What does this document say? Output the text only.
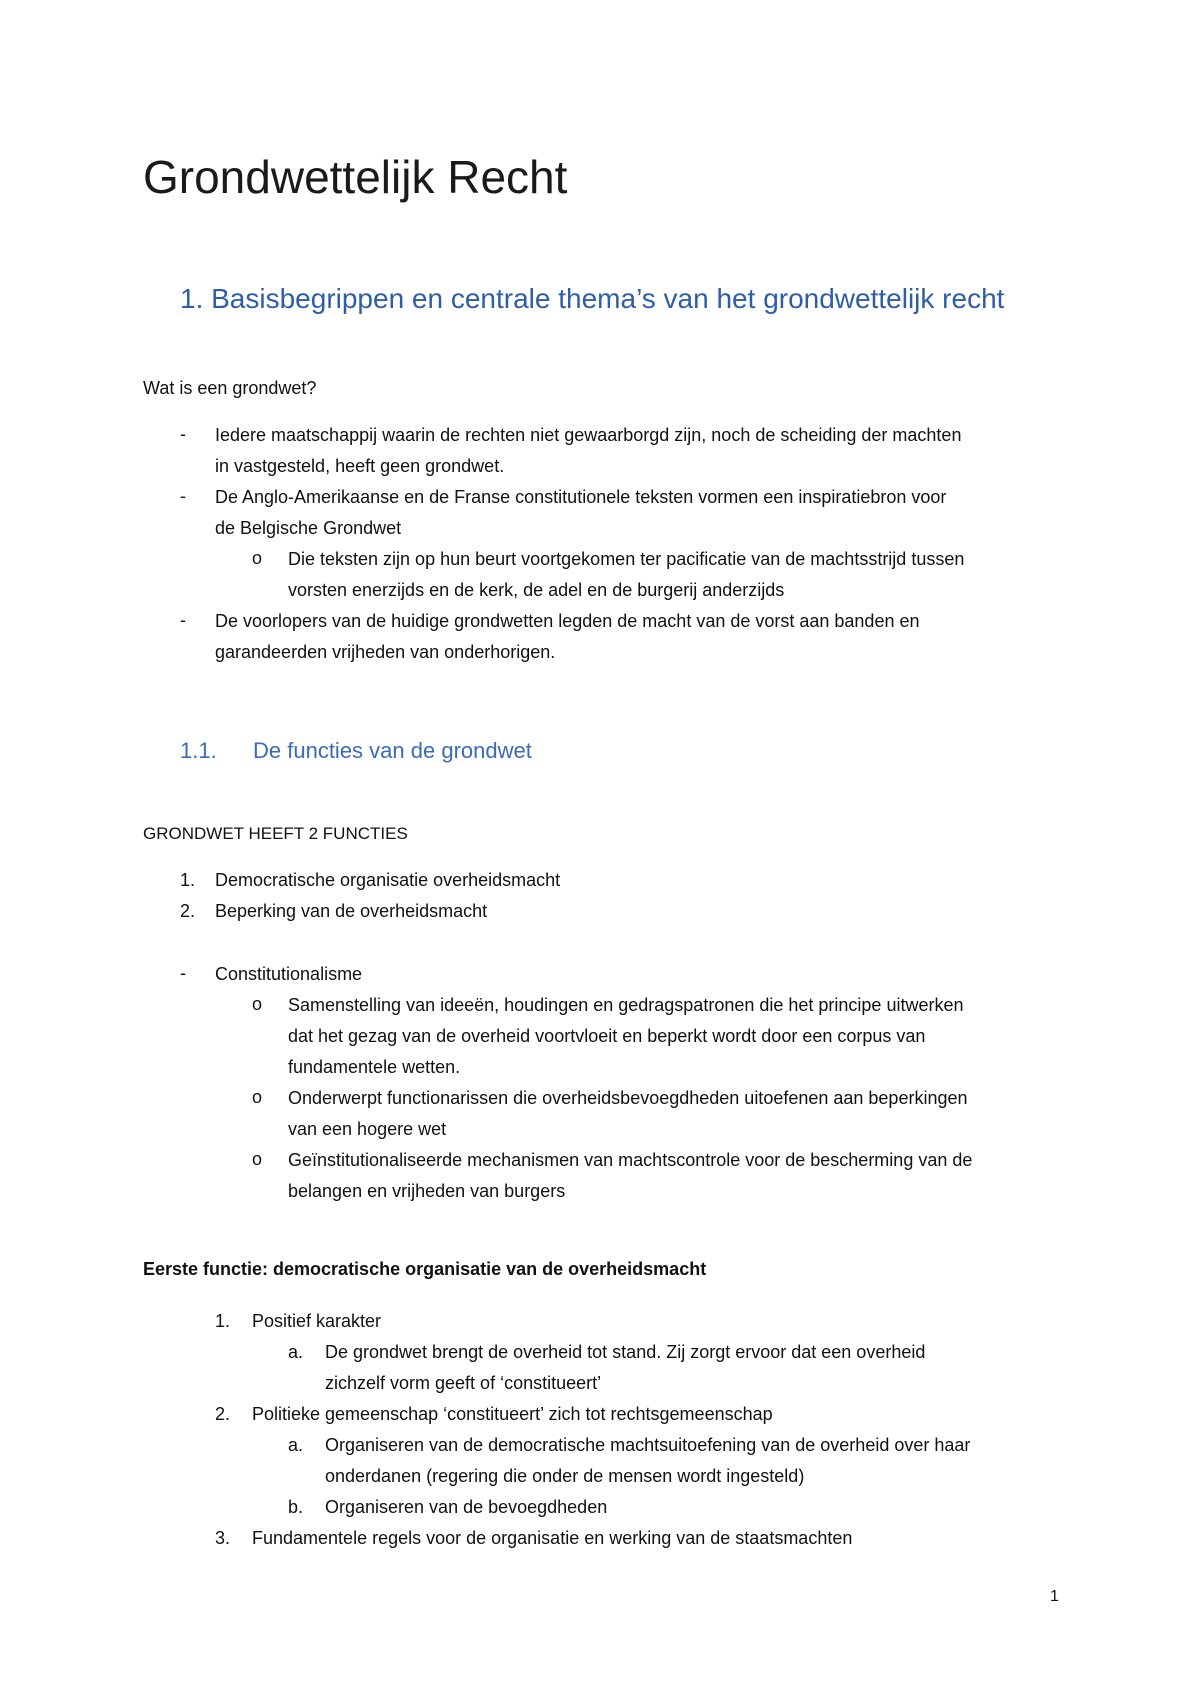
Grondwettelijk Recht
1. Basisbegrippen en centrale thema’s van het grondwettelijk recht
Wat is een grondwet?
- Iedere maatschappij waarin de rechten niet gewaarborgd zijn, noch de scheiding der machten
in vastgesteld, heeft geen grondwet.
- De Anglo-Amerikaanse en de Franse constitutionele teksten vormen een inspiratiebron voor
de Belgische Grondwet
o Die teksten zijn op hun beurt voortgekomen ter pacificatie van de machtsstrijd tussen
vorsten enerzijds en de kerk, de adel en de burgerij anderzijds
- De voorlopers van de huidige grondwetten legden de macht van de vorst aan banden en
garandeerden vrijheden van onderhorigen.
1.1. De functies van de grondwet
GRONDWET HEEFT 2 FUNCTIES
1. Democratische organisatie overheidsmacht
2. Beperking van de overheidsmacht
- Constitutionalisme
o Samenstelling van ideeën, houdingen en gedragspatronen die het principe uitwerken
dat het gezag van de overheid voortvloeit en beperkt wordt door een corpus van
fundamentele wetten.
o Onderwerpt functionarissen die overheidsbevoegdheden uitoefenen aan beperkingen
van een hogere wet
o Geïnstitutionaliseerde mechanismen van machtscontrole voor de bescherming van de
belangen en vrijheden van burgers
Eerste functie: democratische organisatie van de overheidsmacht
1. Positief karakter
a. De grondwet brengt de overheid tot stand. Zij zorgt ervoor dat een overheid
zichzelf vorm geeft of ‘constitueert’
2. Politieke gemeenschap ‘constitueert’ zich tot rechtsgemeenschap
a. Organiseren van de democratische machtsuitoefening van de overheid over haar
onderdanen (regering die onder de mensen wordt ingesteld)
b. Organiseren van de bevoegdheden
3. Fundamentele regels voor de organisatie en werking van de staatsmachten
1
